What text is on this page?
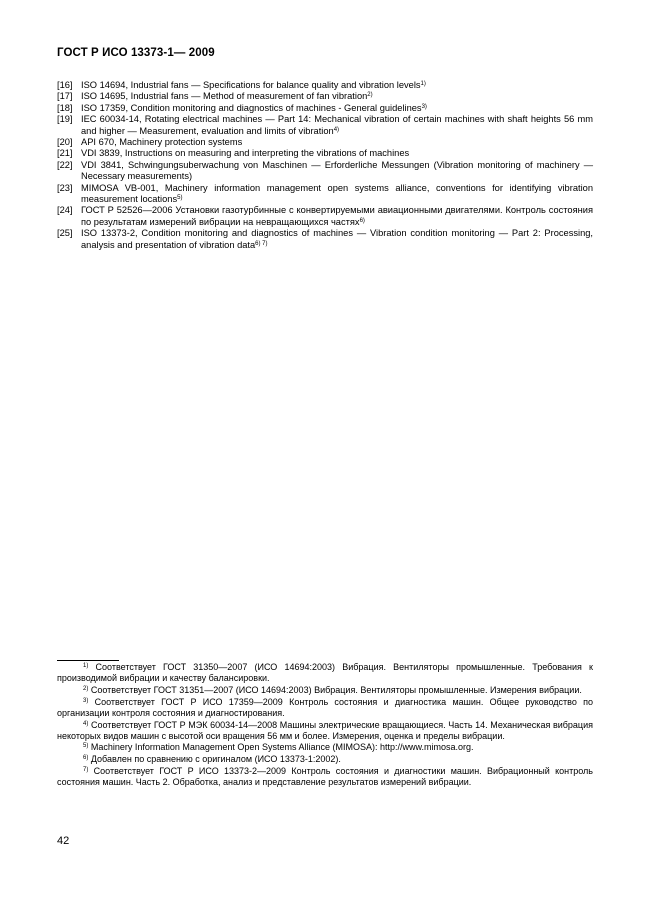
ГОСТ Р ИСО 13373-1— 2009
[16] ISO 14694, Industrial fans — Specifications for balance quality and vibration levels$^{1)}$
[17] ISO 14695, Industrial fans — Method of measurement of fan vibration$^{2)}$
[18] ISO 17359, Condition monitoring and diagnostics of machines - General guidelines$^{3)}$
[19] IEC 60034-14, Rotating electrical machines — Part 14: Mechanical vibration of certain machines with shaft heights 56 mm and higher — Measurement, evaluation and limits of vibration$^{4)}$
[20] API 670, Machinery protection systems
[21] VDI 3839, Instructions on measuring and interpreting the vibrations of machines
[22] VDI 3841, Schwingungsuberwachung von Maschinen — Erforderliche Messungen (Vibration monitoring of machinery — Necessary measurements)
[23] MIMOSA VB-001, Machinery information management open systems alliance, conventions for identifying vibration measurement locations$^{5)}$
[24] ГОСТ Р 52526—2006 Установки газотурбинные с конвертируемыми авиационными двигателями. Контроль состояния по результатам измерений вибрации на невращающихся частях$^{6)}$
[25] ISO 13373-2, Condition monitoring and diagnostics of machines — Vibration condition monitoring — Part 2: Processing, analysis and presentation of vibration data$^{6) 7)}$

$^{1)}$ Соответствует ГОСТ 31350—2007 (ИСО 14694:2003) Вибрация. Вентиляторы промышленные. Требования к производимой вибрации и качеству балансировки.

$^{2)}$ Соответствует ГОСТ 31351—2007 (ИСО 14694:2003) Вибрация. Вентиляторы промышленные. Измерения вибрации.

$^{3)}$ Соответствует ГОСТ Р ИСО 17359—2009 Контроль состояния и диагностика машин. Общее руководство по организации контроля состояния и диагностирования.

$^{4)}$ Соответствует ГОСТ Р МЭК 60034-14—2008 Машины электрические вращающиеся. Часть 14. Механическая вибрация некоторых видов машин с высотой оси вращения 56 мм и более. Измерения, оценка и пределы вибрации.

$^{5)}$ Machinery Information Management Open Systems Alliance (MIMOSA): http://www.mimosa.org.

$^{6)}$ Добавлен по сравнению с оригиналом (ИСО 13373-1:2002).

$^{7)}$ Соответствует ГОСТ Р ИСО 13373-2—2009 Контроль состояния и диагностики машин. Вибрационный контроль состояния машин. Часть 2. Обработка, анализ и представление результатов измерений вибрации.

42
